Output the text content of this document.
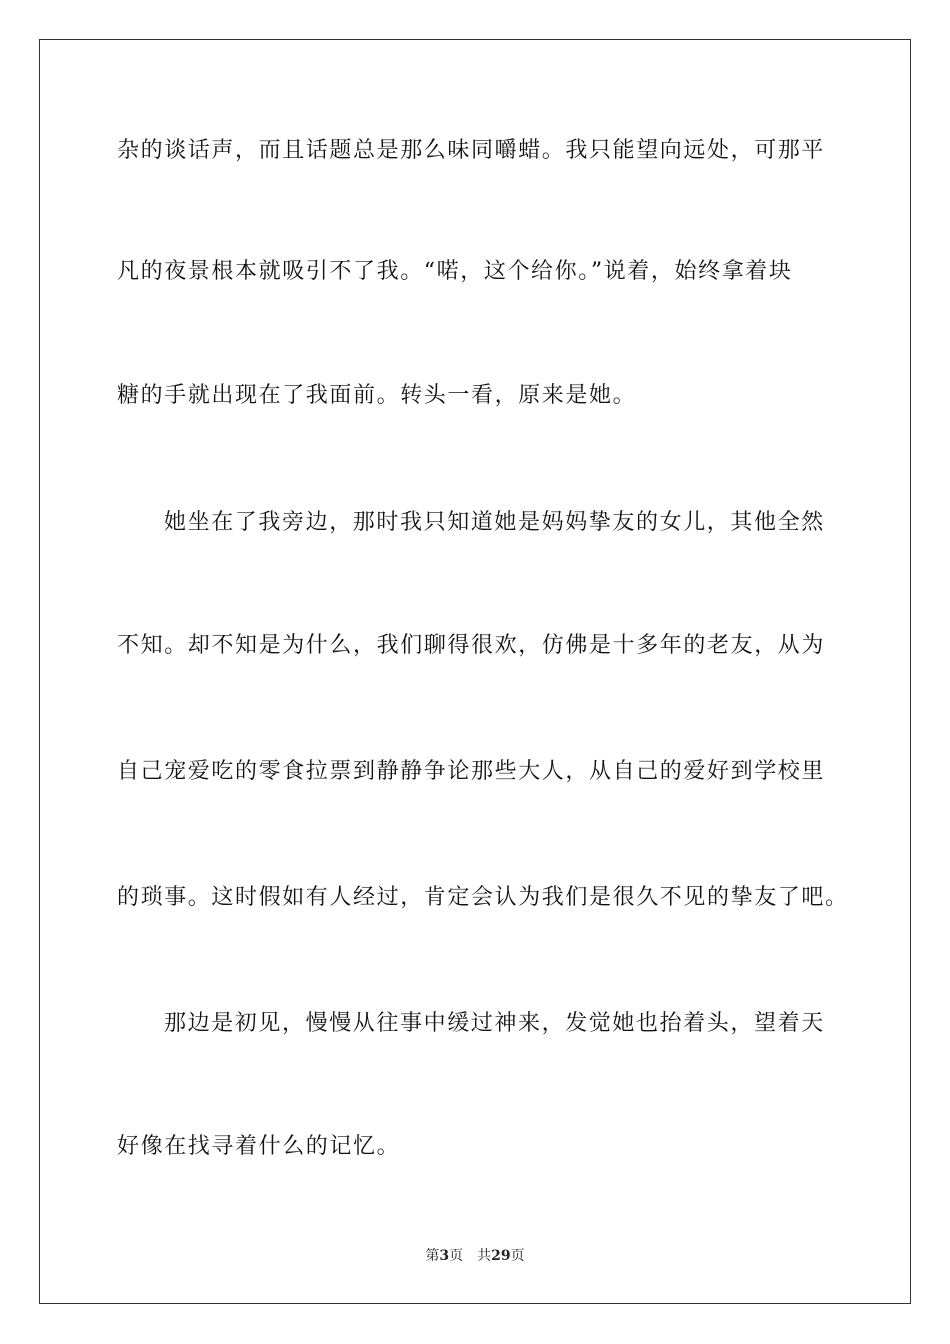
杂的谈话声，而且话题总是那么味同嚼蜡。我只能望向远处，可那平
凡的夜景根本就吸引不了我。“喏，这个给你。”说着，始终拿着块
糖的手就出现在了我面前。转头一看，原来是她。
她坐在了我旁边，那时我只知道她是妈妈挚友的女儿，其他全然
不知。却不知是为什么，我们聊得很欢，仿佛是十多年的老友，从为
自己宠爱吃的零食拉票到静静争论那些大人，从自己的爱好到学校里
的琐事。这时假如有人经过，肯定会认为我们是很久不见的挚友了吧。
那边是初见，慢慢从往事中缓过神来，发觉她也抬着头，望着天
好像在找寻着什么的记忆。
第3页 共29页
